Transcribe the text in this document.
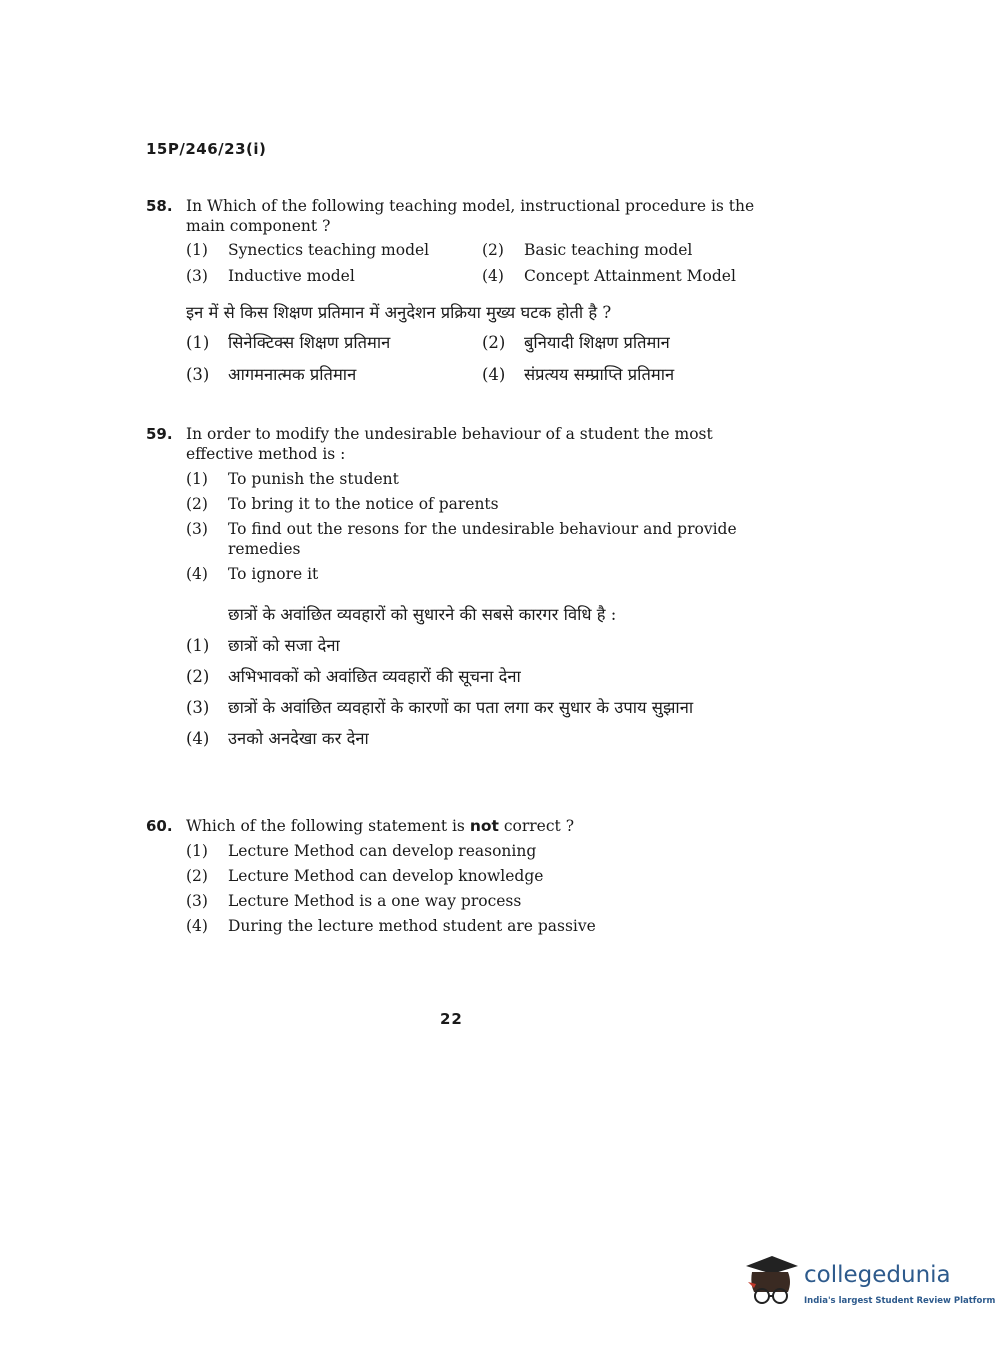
15P/246/23(i)
58. In Which of the following teaching model, instructional procedure is the main component ?
(1) Synectics teaching model	(2) Basic teaching model
(3) Inductive model	(4) Concept Attainment Model
इन में से किस शिक्षण प्रतिमान में अनुदेशन प्रक्रिया मुख्य घटक होती है ?
(1) सिनेक्टिक्स शिक्षण प्रतिमान	(2) बुनियादी शिक्षण प्रतिमान
(3) आगमनात्मक प्रतिमान	(4) संप्रत्यय सम्प्राप्ति प्रतिमान
59. In order to modify the undesirable behaviour of a student the most effective method is :
(1) To punish the student
(2) To bring it to the notice of parents
(3) To find out the resons for the undesirable behaviour and provide remedies
(4) To ignore it
छात्रों के अवांछित व्यवहारों को सुधारने की सबसे कारगर विधि है :
(1) छात्रों को सजा देना
(2) अभिभावकों को अवांछित व्यवहारों की सूचना देना
(3) छात्रों के अवांछित व्यवहारों के कारणों का पता लगा कर सुधार के उपाय सुझाना
(4) उनको अनदेखा कर देना
60. Which of the following statement is not correct ?
(1) Lecture Method can develop reasoning
(2) Lecture Method can develop knowledge
(3) Lecture Method is a one way process
(4) During the lecture method student are passive
22
collegedunia
India's largest Student Review Platform
